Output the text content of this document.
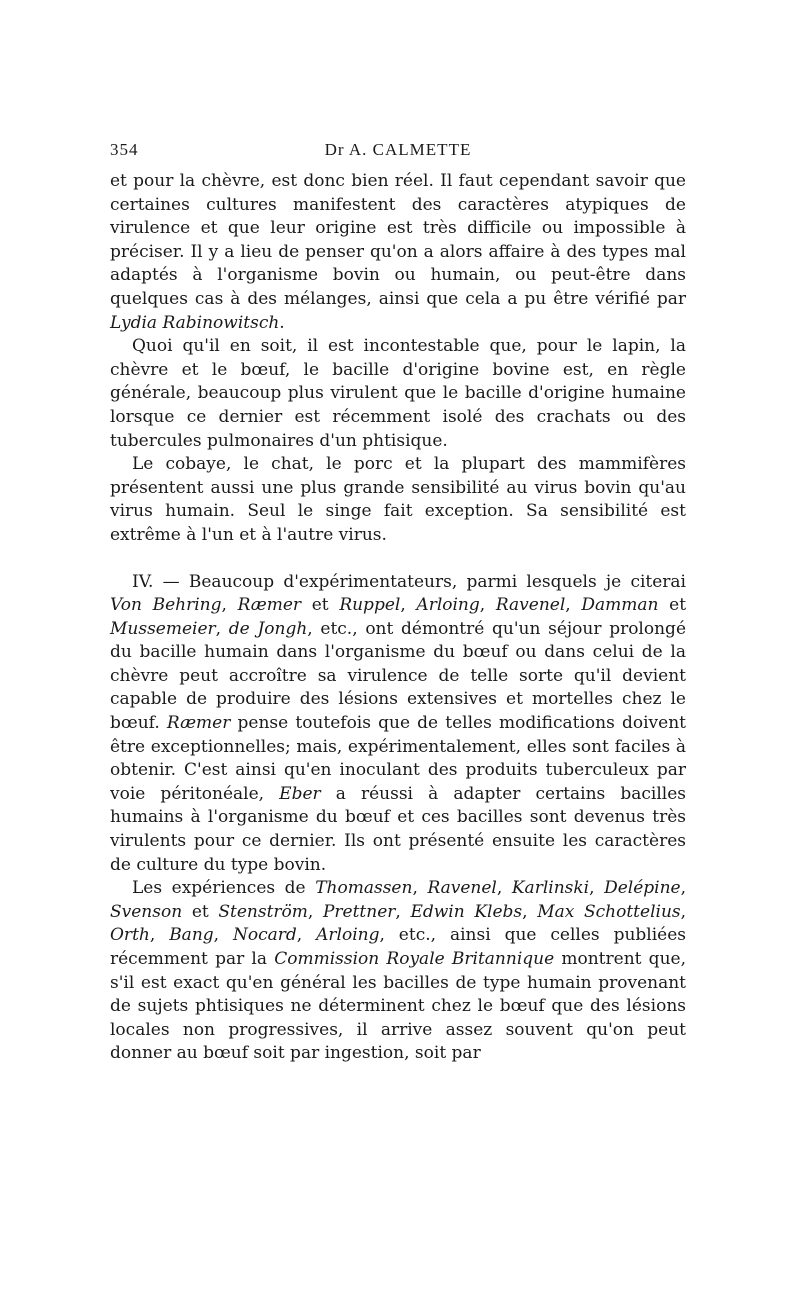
354	Dr A. CALMETTE

et pour la chèvre, est donc bien réel. Il faut cependant savoir que certaines cultures manifestent des caractères atypiques de virulence et que leur origine est très difficile ou impossible à préciser. Il y a lieu de penser qu'on a alors affaire à des types mal adaptés à l'organisme bovin ou humain, ou peut-être dans quelques cas à des mélanges, ainsi que cela a pu être vérifié par Lydia Rabinowitsch.

Quoi qu'il en soit, il est incontestable que, pour le lapin, la chèvre et le bœuf, le bacille d'origine bovine est, en règle générale, beaucoup plus virulent que le bacille d'origine humaine lorsque ce dernier est récemment isolé des crachats ou des tubercules pulmonaires d'un phtisique.

Le cobaye, le chat, le porc et la plupart des mammifères présentent aussi une plus grande sensibilité au virus bovin qu'au virus humain. Seul le singe fait exception. Sa sensibilité est extrême à l'un et à l'autre virus.

IV. — Beaucoup d'expérimentateurs, parmi lesquels je citerai Von Behring, Ræmer et Ruppel, Arloing, Ravenel, Damman et Mussemeier, de Jongh, etc., ont démontré qu'un séjour prolongé du bacille humain dans l'organisme du bœuf ou dans celui de la chèvre peut accroître sa virulence de telle sorte qu'il devient capable de produire des lésions extensives et mortelles chez le bœuf. Ræmer pense toutefois que de telles modifications doivent être exceptionnelles; mais, expérimentalement, elles sont faciles à obtenir. C'est ainsi qu'en inoculant des produits tuberculeux par voie péritonéale, Eber a réussi à adapter certains bacilles humains à l'organisme du bœuf et ces bacilles sont devenus très virulents pour ce dernier. Ils ont présenté ensuite les caractères de culture du type bovin.

Les expériences de Thomassen, Ravenel, Karlinski, Delépine, Svenson et Stenström, Prettner, Edwin Klebs, Max Schottelius, Orth, Bang, Nocard, Arloing, etc., ainsi que celles publiées récemment par la Commission Royale Britannique montrent que, s'il est exact qu'en général les bacilles de type humain provenant de sujets phtisiques ne déterminent chez le bœuf que des lésions locales non progressives, il arrive assez souvent qu'on peut donner au bœuf soit par ingestion, soit par
